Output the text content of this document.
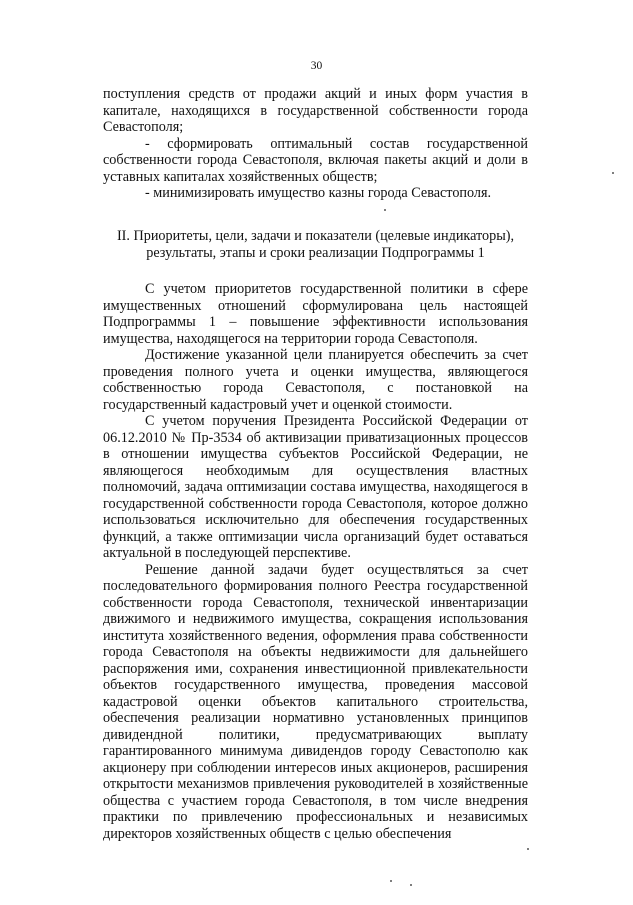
30

поступления средств от продажи акций и иных форм участия в капитале, находящихся в государственной собственности города Севастополя;

- сформировать оптимальный состав государственной собственности города Севастополя, включая пакеты акций и доли в уставных капиталах хозяйственных обществ;

- минимизировать имущество казны города Севастополя.

II. Приоритеты, цели, задачи и показатели (целевые индикаторы),
результаты, этапы и сроки реализации Подпрограммы 1

С учетом приоритетов государственной политики в сфере имущественных отношений сформулирована цель настоящей Подпрограммы 1 – повышение эффективности использования имущества, находящегося на территории города Севастополя.

Достижение указанной цели планируется обеспечить за счет проведения полного учета и оценки имущества, являющегося собственностью города Севастополя, с постановкой на государственный кадастровый учет и оценкой стоимости.

С учетом поручения Президента Российской Федерации от 06.12.2010 № Пр-3534 об активизации приватизационных процессов в отношении имущества субъектов Российской Федерации, не являющегося необходимым для осуществления властных полномочий, задача оптимизации состава имущества, находящегося в государственной собственности города Севастополя, которое должно использоваться исключительно для обеспечения государственных функций, а также оптимизации числа организаций будет оставаться актуальной в последующей перспективе.

Решение данной задачи будет осуществляться за счет последовательного формирования полного Реестра государственной собственности города Севастополя, технической инвентаризации движимого и недвижимого имущества, сокращения использования института хозяйственного ведения, оформления права собственности города Севастополя на объекты недвижимости для дальнейшего распоряжения ими, сохранения инвестиционной привлекательности объектов государственного имущества, проведения массовой кадастровой оценки объектов капитального строительства, обеспечения реализации нормативно установленных принципов дивидендной политики, предусматривающих выплату гарантированного минимума дивидендов городу Севастополю как акционеру при соблюдении интересов иных акционеров, расширения открытости механизмов привлечения руководителей в хозяйственные общества с участием города Севастополя, в том числе внедрения практики по привлечению профессиональных и независимых директоров хозяйственных обществ с целью обеспечения
